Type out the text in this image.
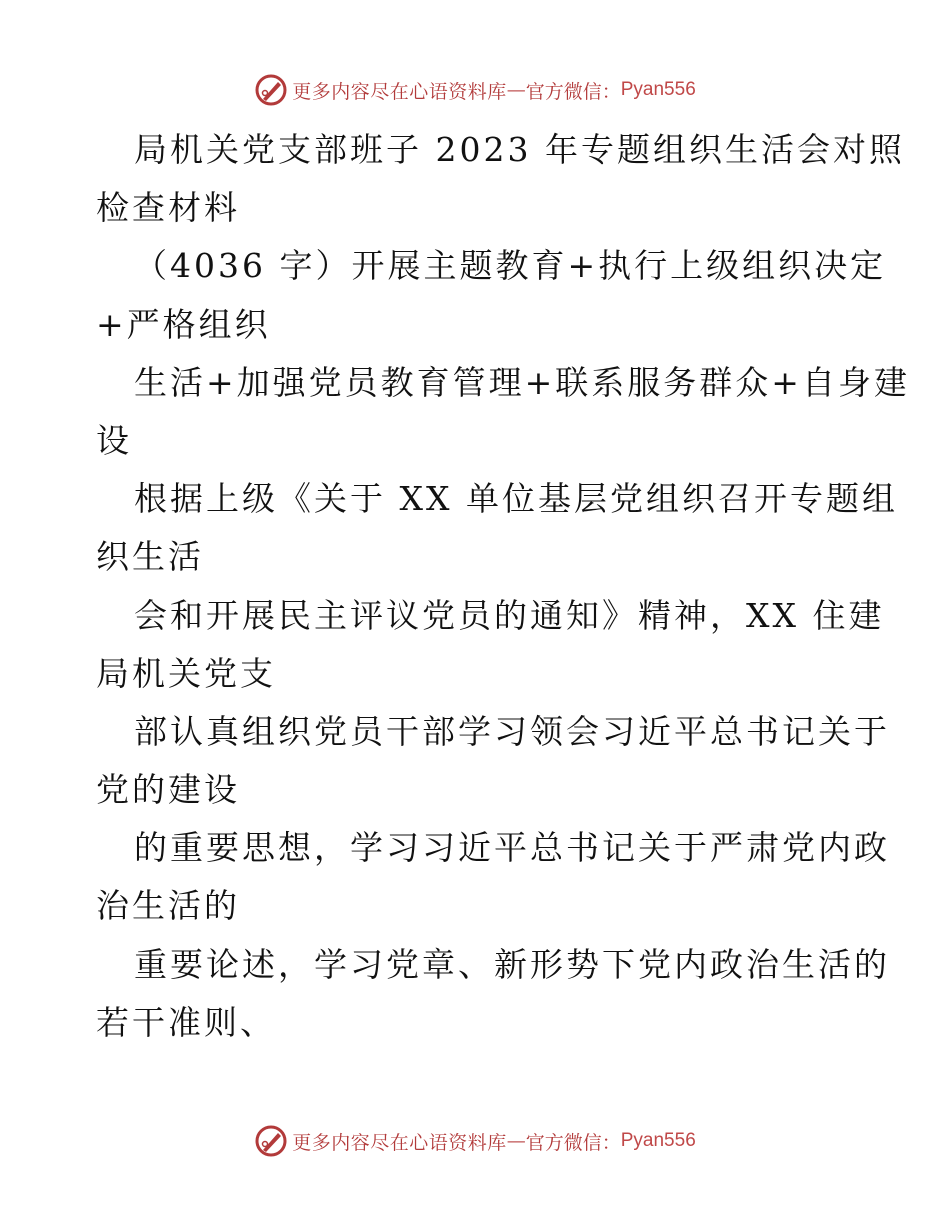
更多内容尽在心语资料库 — 官方微信： Pyan556
局机关党支部班子 2023 年专题组织生活会对照
检查材料
（4036 字）开展主题教育+执行上级组织决定
+严格组织
生活+加强党员教育管理+联系服务群众+自身建
设
根据上级《关于 XX 单位基层党组织召开专题组
织生活
会和开展民主评议党员的通知》精神，XX 住建
局机关党支
部认真组织党员干部学习领会习近平总书记关于
党的建设
的重要思想，学习习近平总书记关于严肃党内政
治生活的
重要论述，学习党章、新形势下党内政治生活的
若干准则、
更多内容尽在心语资料库 — 官方微信： Pyan556
